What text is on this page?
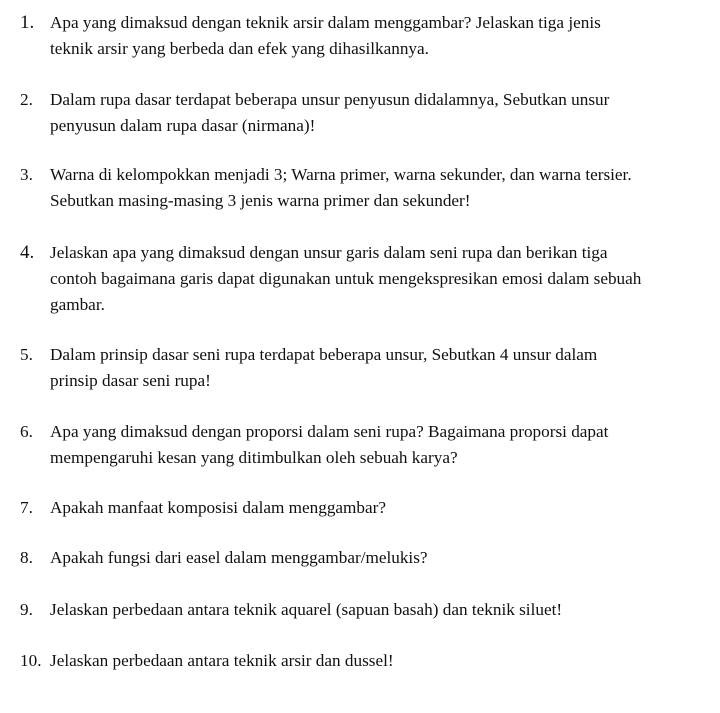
1. Apa yang dimaksud dengan teknik arsir dalam menggambar? Jelaskan tiga jenis
teknik arsir yang berbeda dan efek yang dihasilkannya.
2. Dalam rupa dasar terdapat beberapa unsur penyusun didalamnya, Sebutkan unsur
penyusun dalam rupa dasar (nirmana)!
3. Warna di kelompokkan menjadi 3; Warna primer, warna sekunder, dan warna tersier.
Sebutkan masing-masing 3 jenis warna primer dan sekunder!
4. Jelaskan apa yang dimaksud dengan unsur garis dalam seni rupa dan berikan tiga
contoh bagaimana garis dapat digunakan untuk mengekspresikan emosi dalam sebuah
gambar.
5. Dalam prinsip dasar seni rupa terdapat beberapa unsur, Sebutkan 4 unsur dalam
prinsip dasar seni rupa!
6. Apa yang dimaksud dengan proporsi dalam seni rupa? Bagaimana proporsi dapat
mempengaruhi kesan yang ditimbulkan oleh sebuah karya?
7. Apakah manfaat komposisi dalam menggambar?
8. Apakah fungsi dari easel dalam menggambar/melukis?
9. Jelaskan perbedaan antara teknik aquarel (sapuan basah) dan teknik siluet!
10. Jelaskan perbedaan antara teknik arsir dan dussel!
